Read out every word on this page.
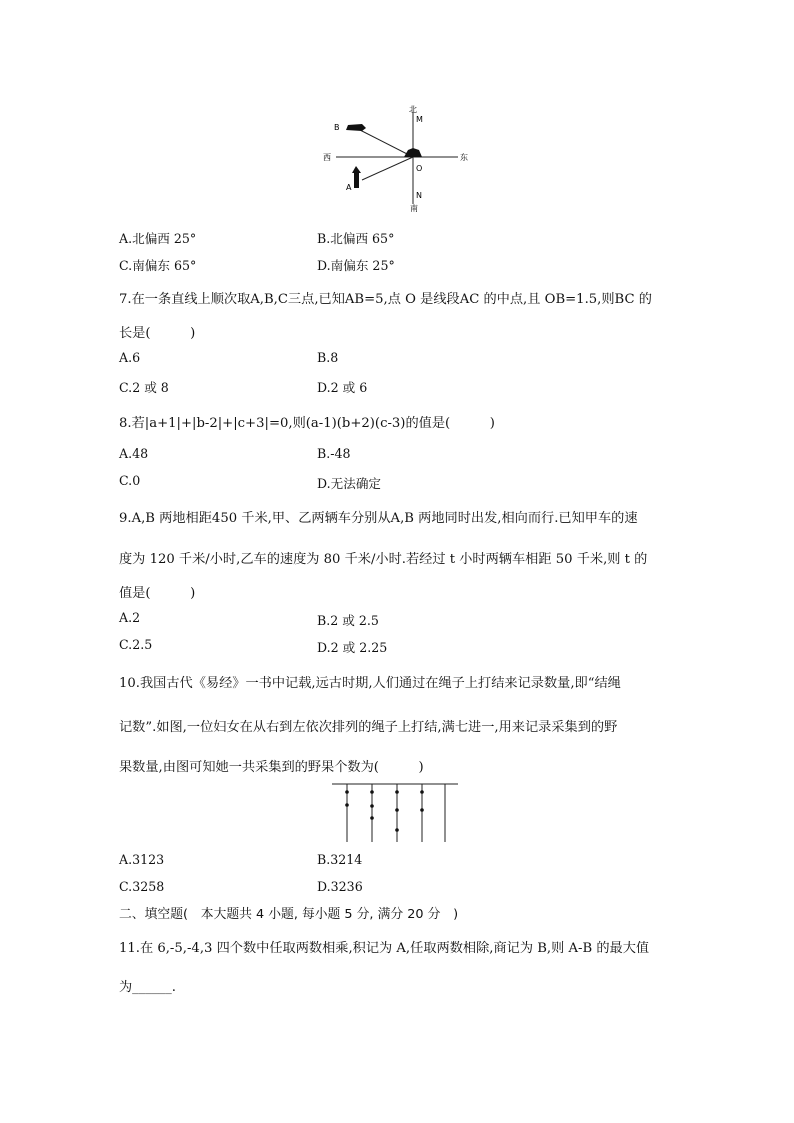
北
南
东
西
M
N
O
A
B
A.北偏西 25°	B.北偏西 65°
C.南偏东 65°	D.南偏东 25°
7.在一条直线上顺次取A,B,C三点,已知AB=5,点 O 是线段AC 的中点,且 OB=1.5,则BC 的
长是(　　　)
A.6	B.8
C.2 或 8	D.2 或 6
8.若|a+1|+|b-2|+|c+3|=0,则(a-1)(b+2)(c-3)的值是(　　　)
A.48	B.-48
C.0	D.无法确定
9.A,B 两地相距450 千米,甲、乙两辆车分别从A,B 两地同时出发,相向而行.已知甲车的速
度为 120 千米/小时,乙车的速度为 80 千米/小时.若经过 t 小时两辆车相距 50 千米,则 t 的
值是(　　　)
A.2	B.2 或 2.5
C.2.5	D.2 或 2.25
10.我国古代《易经》一书中记载,远古时期,人们通过在绳子上打结来记录数量,即“结绳
记数”.如图,一位妇女在从右到左依次排列的绳子上打结,满七进一,用来记录采集到的野
果数量,由图可知她一共采集到的野果个数为(　　　)
A.3123	B.3214
C.3258	D.3236
二、填空题(　本大题共 4 小题, 每小题 5 分, 满分 20 分　)
11.在 6,-5,-4,3 四个数中任取两数相乘,积记为 A,任取两数相除,商记为 B,则 A-B 的最大值
为______.
